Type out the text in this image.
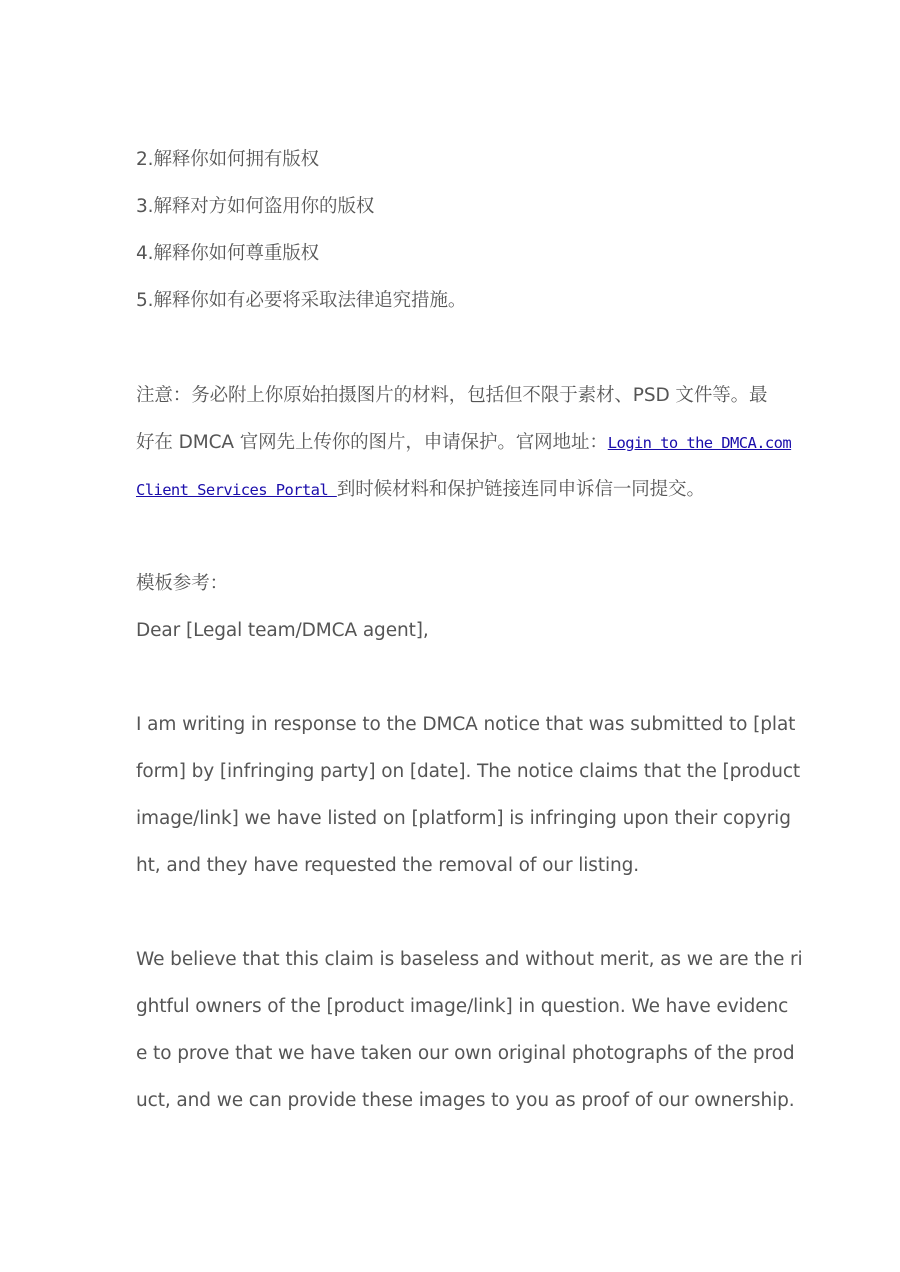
2.解释你如何拥有版权
3.解释对方如何盗用你的版权
4.解释你如何尊重版权
5.解释你如有必要将采取法律追究措施。
注意：务必附上你原始拍摄图片的材料，包括但不限于素材、PSD 文件等。最
好在 DMCA 官网先上传你的图片，申请保护。官网地址：Login to the DMCA.com
Client Services Portal 到时候材料和保护链接连同申诉信一同提交。
模板参考：
Dear [Legal team/DMCA agent],
I am writing in response to the DMCA notice that was submitted to [plat
form] by [infringing party] on [date]. The notice claims that the [product
image/link] we have listed on [platform] is infringing upon their copyrig
ht, and they have requested the removal of our listing.
We believe that this claim is baseless and without merit, as we are the ri
ghtful owners of the [product image/link] in question. We have evidenc
e to prove that we have taken our own original photographs of the prod
uct, and we can provide these images to you as proof of our ownership.
